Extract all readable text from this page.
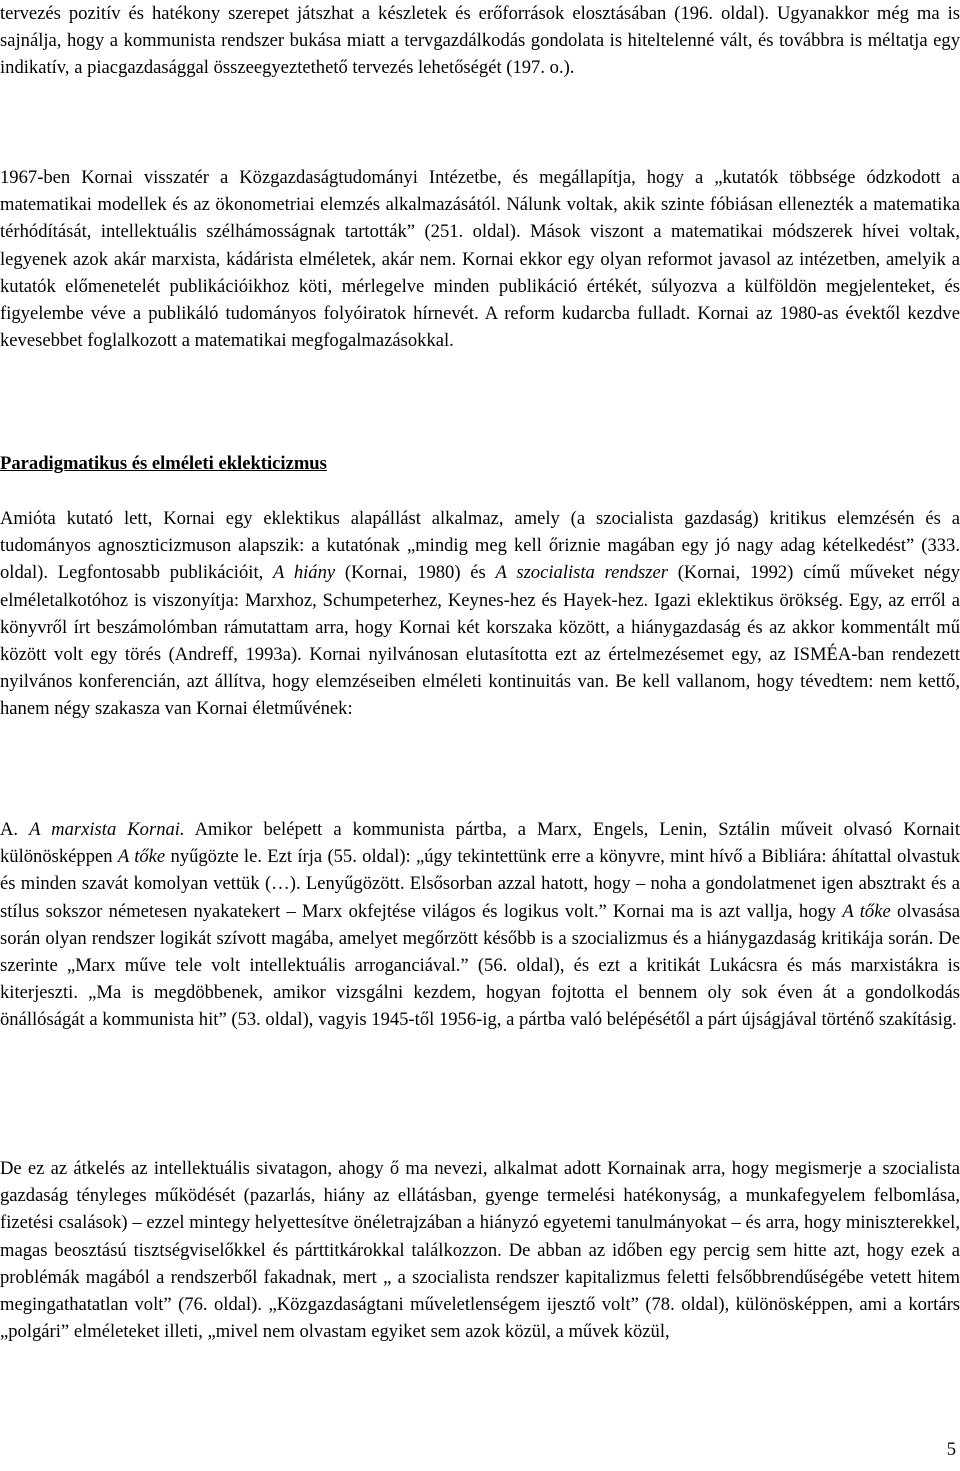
tervezés pozitív és hatékony szerepet játszhat a készletek és erőforrások elosztásában (196. oldal). Ugyanakkor még ma is sajnálja, hogy a kommunista rendszer bukása miatt a tervgazdálkodás gondolata is hiteltelenné vált, és továbbra is méltatja egy indikatív, a piacgazdasággal összeegyeztethető tervezés lehetőségét (197. o.).

1967-ben Kornai visszatér a Közgazdaságtudományi Intézetbe, és megállapítja, hogy a „kutatók többsége ódzkodott a matematikai modellek és az ökonometriai elemzés alkalmazásától. Nálunk voltak, akik szinte fóbiásan ellenezték a matematika térhódítását, intellektuális szélhámosságnak tartották” (251. oldal). Mások viszont a matematikai módszerek hívei voltak, legyenek azok akár marxista, kádárista elméletek, akár nem. Kornai ekkor egy olyan reformot javasol az intézetben, amelyik a kutatók előmenetelét publikációikhoz köti, mérlegelve minden publikáció értékét, súlyozva a külföldön megjelenteket, és figyelembe véve a publikáló tudományos folyóiratok hírnevét. A reform kudarcba fulladt. Kornai az 1980-as évektől kezdve kevesebbet foglalkozott a matematikai megfogalmazásokkal.

Paradigmatikus és elméleti eklekticizmus

Amióta kutató lett, Kornai egy eklektikus alapállást alkalmaz, amely (a szocialista gazdaság) kritikus elemzésén és a tudományos agnoszticizmuson alapszik: a kutatónak „mindig meg kell őriznie magában egy jó nagy adag kételkedést” (333. oldal). Legfontosabb publikációit, A hiány (Kornai, 1980) és A szocialista rendszer (Kornai, 1992) című műveket négy elméletalkotóhoz is viszonyítja: Marxhoz, Schumpeterhez, Keynes-hez és Hayek-hez. Igazi eklektikus örökség. Egy, az erről a könyvről írt beszámolómban rámutattam arra, hogy Kornai két korszaka között, a hiánygazdaság és az akkor kommentált mű között volt egy törés (Andreff, 1993a). Kornai nyilvánosan elutasította ezt az értelmezésemet egy, az ISMÉA-ban rendezett nyilvános konferencián, azt állítva, hogy elemzéseiben elméleti kontinuitás van. Be kell vallanom, hogy tévedtem: nem kettő, hanem négy szakasza van Kornai életművének:

A. A marxista Kornai. Amikor belépett a kommunista pártba, a Marx, Engels, Lenin, Sztálin műveit olvasó Kornait különösképpen A tőke nyűgözte le. Ezt írja (55. oldal): „úgy tekintettünk erre a könyvre, mint hívő a Bibliára: áhítattal olvastuk és minden szavát komolyan vettük (…). Lenyűgözött. Elsősorban azzal hatott, hogy – noha a gondolatmenet igen absztrakt és a stílus sokszor németesen nyakatekert – Marx okfejtése világos és logikus volt.” Kornai ma is azt vallja, hogy A tőke olvasása során olyan rendszer logikát szívott magába, amelyet megőrzött később is a szocializmus és a hiánygazdaság kritikája során. De szerinte „Marx műve tele volt intellektuális arroganciával.” (56. oldal), és ezt a kritikát Lukácsra és más marxistákra is kiterjeszti. „Ma is megdöbbenek, amikor vizsgálni kezdem, hogyan fojtotta el bennem oly sok éven át a gondolkodás önállóságát a kommunista hit” (53. oldal), vagyis 1945-től 1956-ig, a pártba való belépésétől a párt újságjával történő szakításig.

De ez az átkelés az intellektuális sivatagon, ahogy ő ma nevezi, alkalmat adott Kornainak arra, hogy megismerje a szocialista gazdaság tényleges működését (pazarlás, hiány az ellátásban, gyenge termelési hatékonyság, a munkafegyelem felbomlása, fizetési csalások) – ezzel mintegy helyettesítve önéletrajzában a hiányzó egyetemi tanulmányokat – és arra, hogy miniszterekkel, magas beosztású tisztségviselőkkel és párttitkárokkal találkozzon. De abban az időben egy percig sem hitte azt, hogy ezek a problémák magából a rendszerből fakadnak, mert „ a szocialista rendszer kapitalizmus feletti felsőbbrendűségébe vetett hitem megingathatatlan volt” (76. oldal). „Közgazdaságtani műveletlenségem ijesztő volt” (78. oldal), különösképpen, ami a kortárs „polgári” elméleteket illeti, „mivel nem olvastam egyiket sem azok közül, a művek közül,

5
